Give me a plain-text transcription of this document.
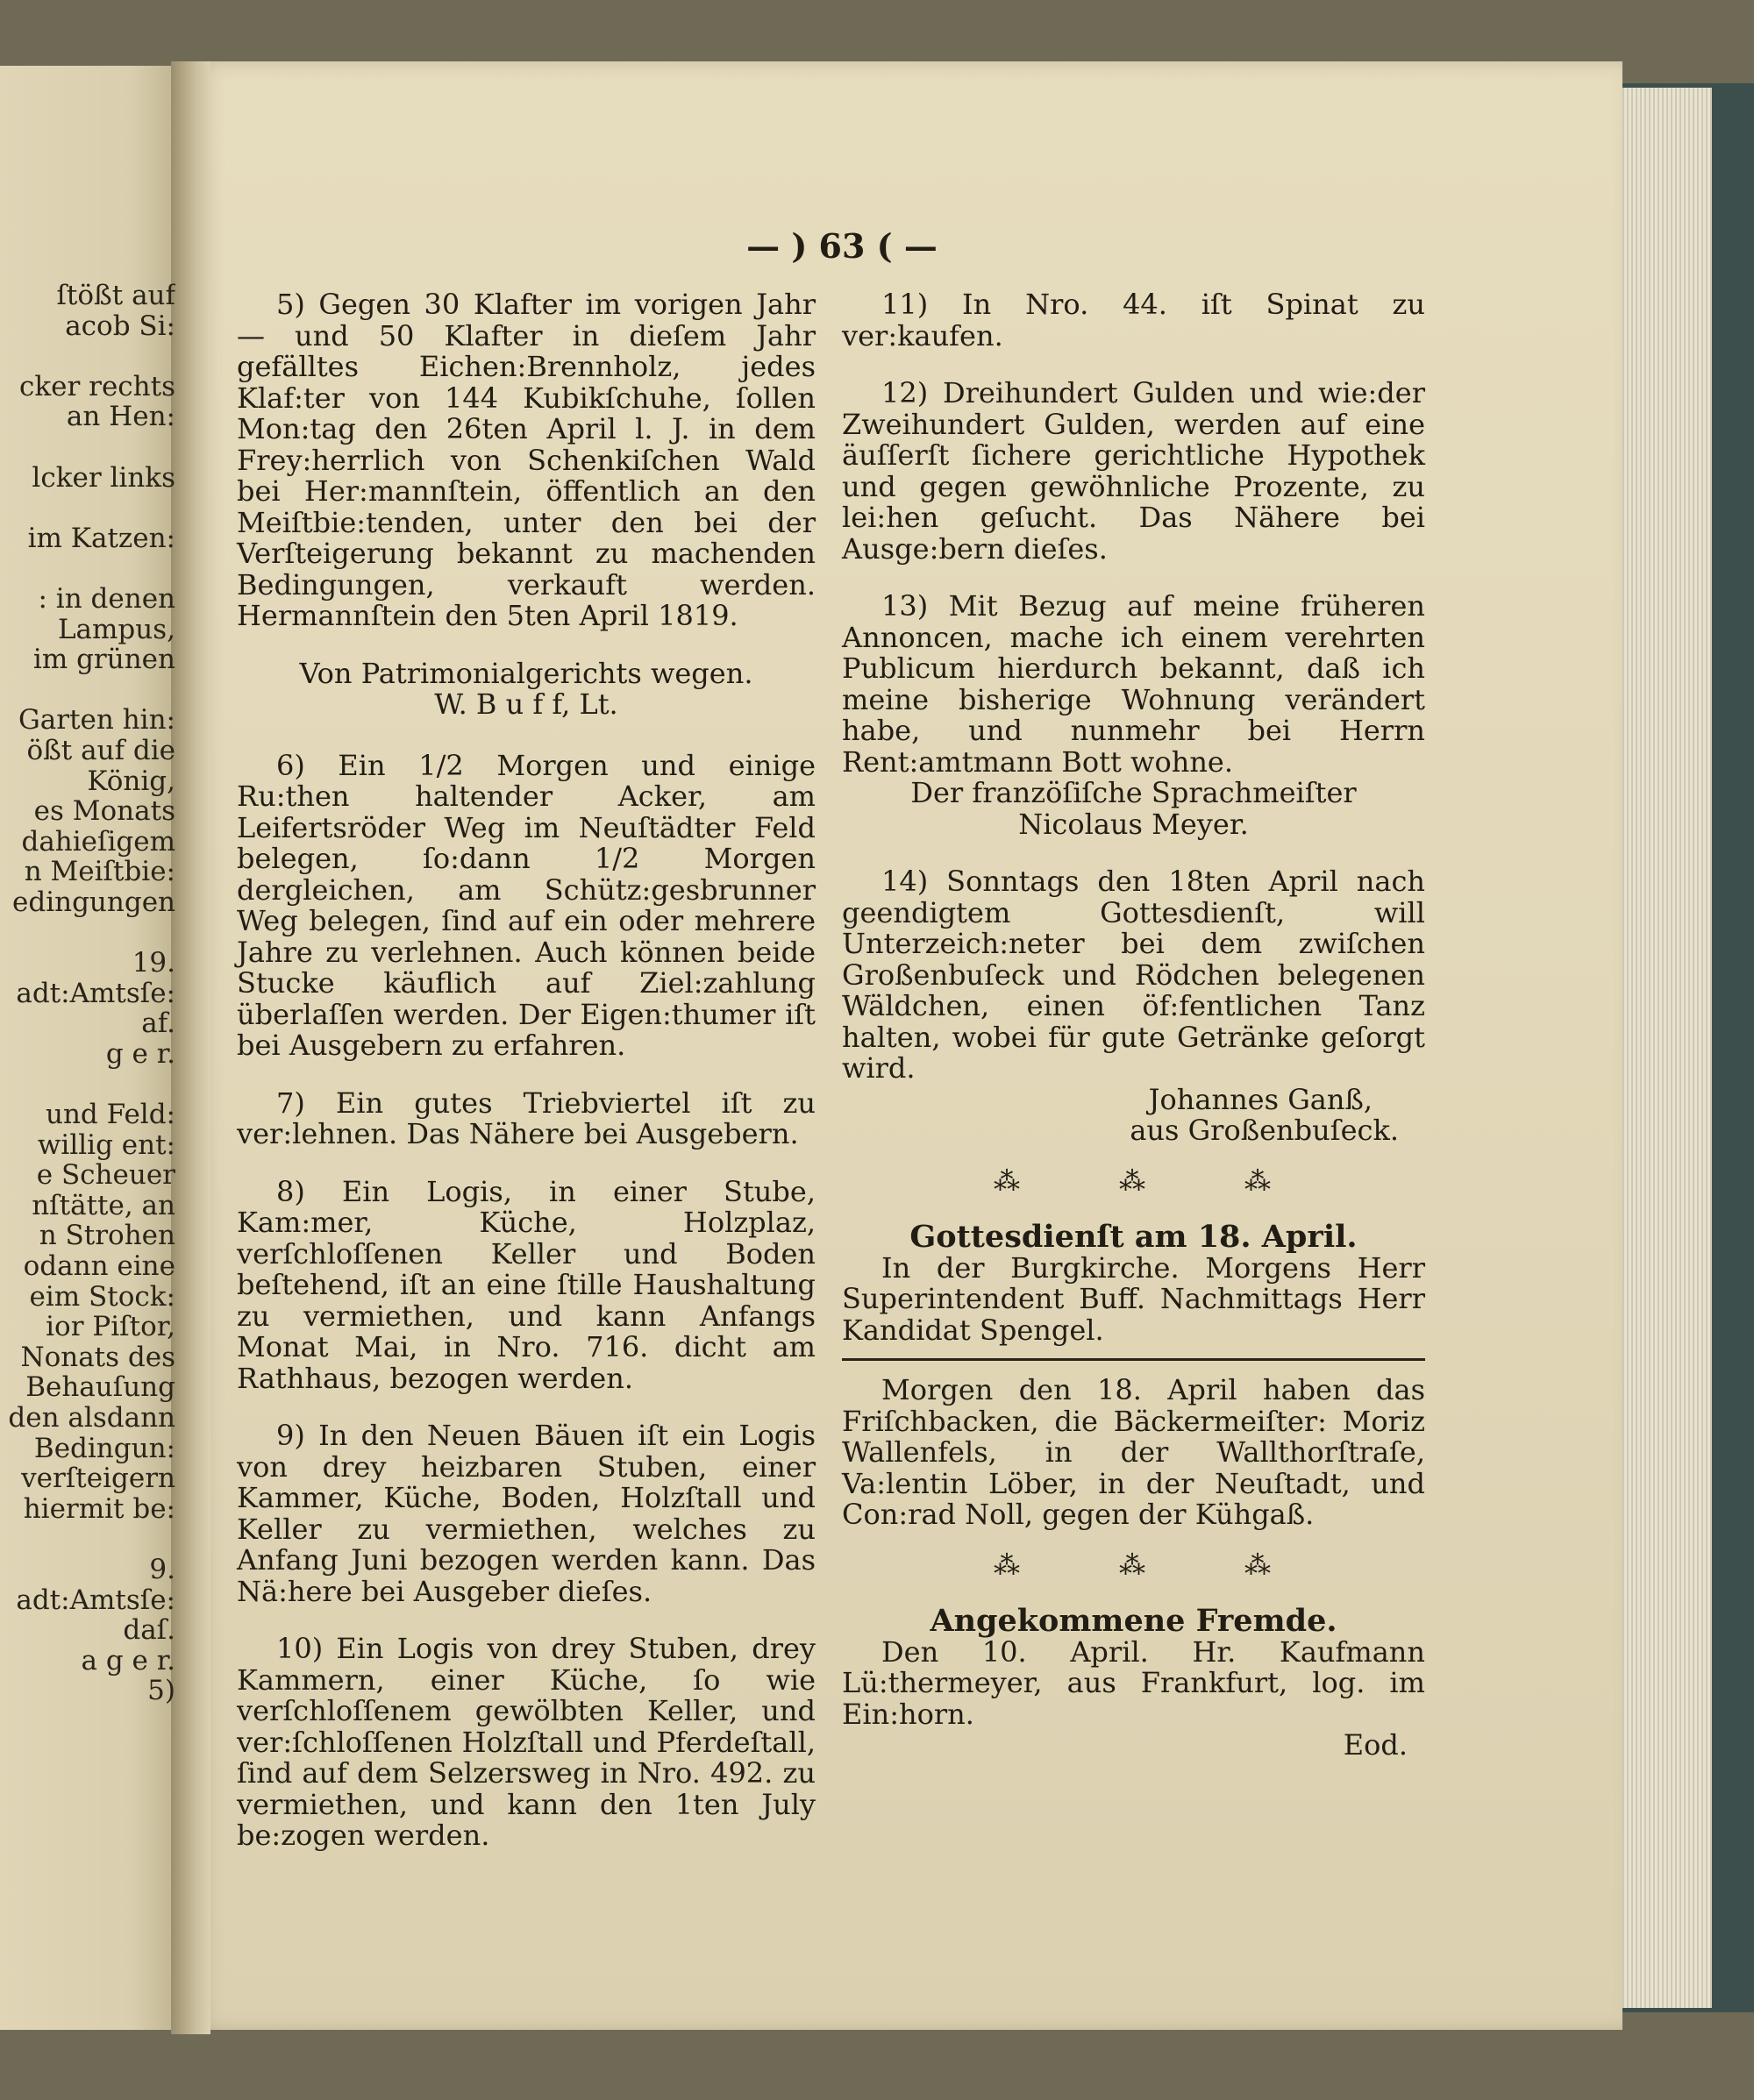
ſtößt auf
acob Si:
cker rechts
an Hen:
lcker links
im Katzen:
: in denen
Lampus,
im grünen
Garten hin:
ößt auf die
König,
es Monats
dahieſigem
n Meiſtbie:
edingungen
19.
adt:Amtsſe:
af.
g e r.
und Feld:
willig ent:
e Scheuer
nſtätte, an
n Strohen
odann eine
eim Stock:
ior Piſtor,
Nonats des
Behauſung
den alsdann
Bedingun:
verſteigern
hiermit be:
9.
adt:Amtsſe:
daſ.
a g e r.
5)
— ) 63 ( —

5) Gegen 30 Klafter im vorigen Jahr — und 50 Klafter in dieſem Jahr gefälltes Eichen:Brennholz, jedes Klaf:ter von 144 Kubikſchuhe, ſollen Mon:tag den 26ten April l. J. in dem Frey:herrlich von Schenkiſchen Wald bei Her:mannſtein, öffentlich an den Meiſtbie:tenden, unter den bei der Verſteigerung bekannt zu machenden Bedingungen, verkauft werden. Hermannſtein den 5ten April 1819.

Von Patrimonialgerichts wegen.

W. B u f f, Lt.

6) Ein 1/2 Morgen und einige Ru:then haltender Acker, am Leifertsröder Weg im Neuſtädter Feld belegen, ſo:dann 1/2 Morgen dergleichen, am Schütz:gesbrunner Weg belegen, ſind auf ein oder mehrere Jahre zu verlehnen. Auch können beide Stucke käuflich auf Ziel:zahlung überlaſſen werden. Der Eigen:thumer iſt bei Ausgebern zu erfahren.

7) Ein gutes Triebviertel iſt zu ver:lehnen. Das Nähere bei Ausgebern.

8) Ein Logis, in einer Stube, Kam:mer, Küche, Holzplaz, verſchloſſenen Keller und Boden beſtehend, iſt an eine ſtille Haushaltung zu vermiethen, und kann Anfangs Monat Mai, in Nro. 716. dicht am Rathhaus, bezogen werden.

9) In den Neuen Bäuen iſt ein Logis von drey heizbaren Stuben, einer Kammer, Küche, Boden, Holzſtall und Keller zu vermiethen, welches zu Anfang Juni bezogen werden kann. Das Nä:here bei Ausgeber dieſes.

10) Ein Logis von drey Stuben, drey Kammern, einer Küche, ſo wie verſchloſſenem gewölbten Keller, und ver:ſchloſſenen Holzſtall und Pferdeſtall, ſind auf dem Selzersweg in Nro. 492. zu vermiethen, und kann den 1ten July be:zogen werden.

11) In Nro. 44. iſt Spinat zu ver:kaufen.

12) Dreihundert Gulden und wie:der Zweihundert Gulden, werden auf eine äuſſerſt ſichere gerichtliche Hypothek und gegen gewöhnliche Prozente, zu lei:hen geſucht. Das Nähere bei Ausge:bern dieſes.

13) Mit Bezug auf meine früheren Annoncen, mache ich einem verehrten Publicum hierdurch bekannt, daß ich meine bisherige Wohnung verändert habe, und nunmehr bei Herrn Rent:amtmann Bott wohne.

Der franzöſiſche Sprachmeiſter

Nicolaus Meyer.

14) Sonntags den 18ten April nach geendigtem Gottesdienſt, will Unterzeich:neter bei dem zwiſchen Großenbuſeck und Rödchen belegenen Wäldchen, einen öf:fentlichen Tanz halten, wobei für gute Getränke geſorgt wird.

Johannes Ganß,

aus Großenbuſeck.

⁂	⁂	⁂

Gottesdienſt am 18. April.

In der Burgkirche. Morgens Herr Superintendent Buff. Nachmittags Herr Kandidat Spengel.

Morgen den 18. April haben das Friſchbacken, die Bäckermeiſter: Moriz Wallenfels, in der Wallthorſtraſe, Va:lentin Löber, in der Neuſtadt, und Con:rad Noll, gegen der Kühgaß.

⁂	⁂	⁂

Angekommene Fremde.

Den 10. April. Hr. Kaufmann Lü:thermeyer, aus Frankfurt, log. im Ein:horn.

Eod.
